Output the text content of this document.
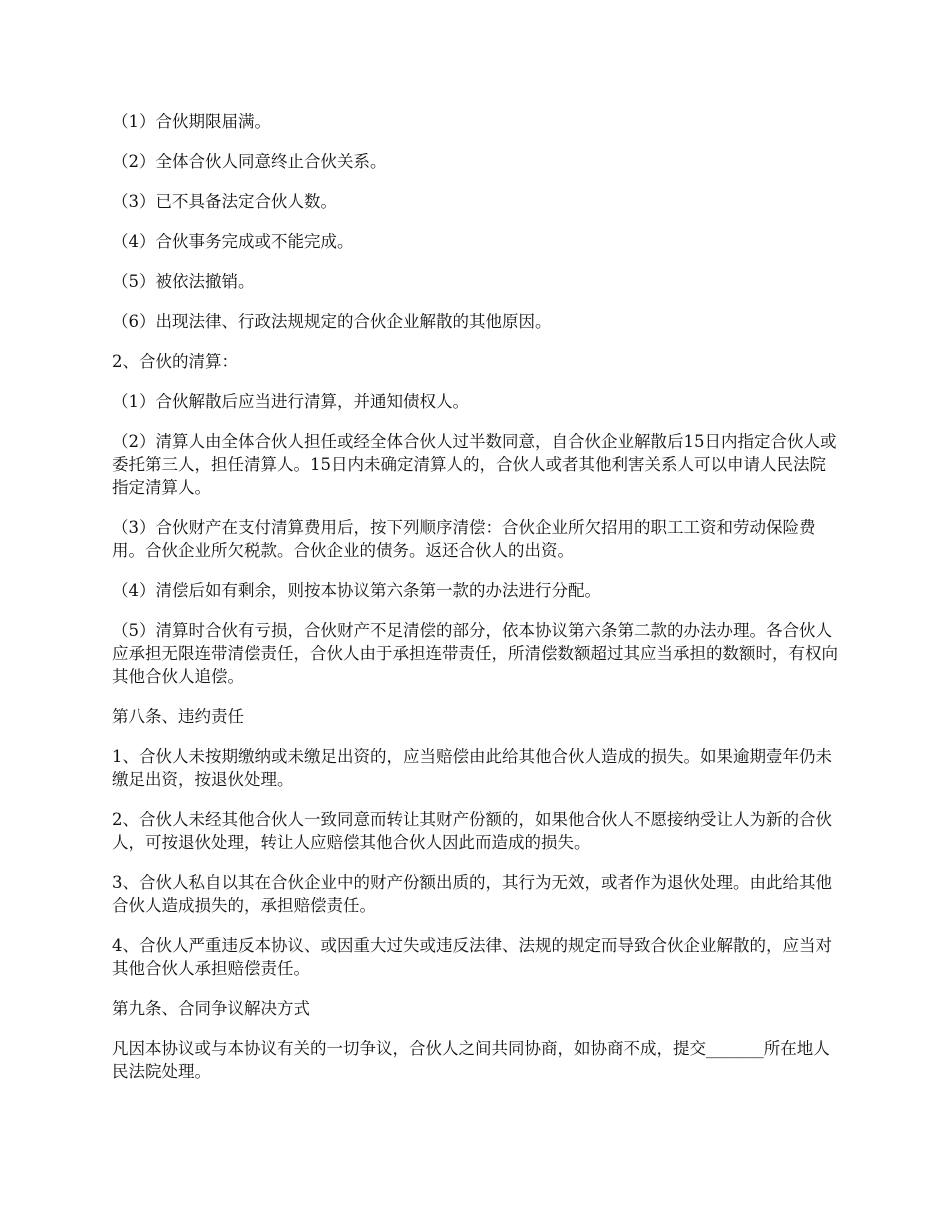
（1）合伙期限届满。

（2）全体合伙人同意终止合伙关系。

（3）已不具备法定合伙人数。

（4）合伙事务完成或不能完成。

（5）被依法撤销。

（6）出现法律、行政法规规定的合伙企业解散的其他原因。

2、合伙的清算：

（1）合伙解散后应当进行清算，并通知债权人。

（2）清算人由全体合伙人担任或经全体合伙人过半数同意，自合伙企业解散后15日内指定合伙人或委托第三人，担任清算人。15日内未确定清算人的，合伙人或者其他利害关系人可以申请人民法院指定清算人。

（3）合伙财产在支付清算费用后，按下列顺序清偿：合伙企业所欠招用的职工工资和劳动保险费用。合伙企业所欠税款。合伙企业的债务。返还合伙人的出资。

（4）清偿后如有剩余，则按本协议第六条第一款的办法进行分配。

（5）清算时合伙有亏损，合伙财产不足清偿的部分，依本协议第六条第二款的办法办理。各合伙人应承担无限连带清偿责任，合伙人由于承担连带责任，所清偿数额超过其应当承担的数额时，有权向其他合伙人追偿。

第八条、违约责任

1、合伙人未按期缴纳或未缴足出资的，应当赔偿由此给其他合伙人造成的损失。如果逾期壹年仍未缴足出资，按退伙处理。

2、合伙人未经其他合伙人一致同意而转让其财产份额的，如果他合伙人不愿接纳受让人为新的合伙人，可按退伙处理，转让人应赔偿其他合伙人因此而造成的损失。

3、合伙人私自以其在合伙企业中的财产份额出质的，其行为无效，或者作为退伙处理。由此给其他合伙人造成损失的，承担赔偿责任。

4、合伙人严重违反本协议、或因重大过失或违反法律、法规的规定而导致合伙企业解散的，应当对其他合伙人承担赔偿责任。

第九条、合同争议解决方式

凡因本协议或与本协议有关的一切争议，合伙人之间共同协商，如协商不成，提交_______所在地人民法院处理。
